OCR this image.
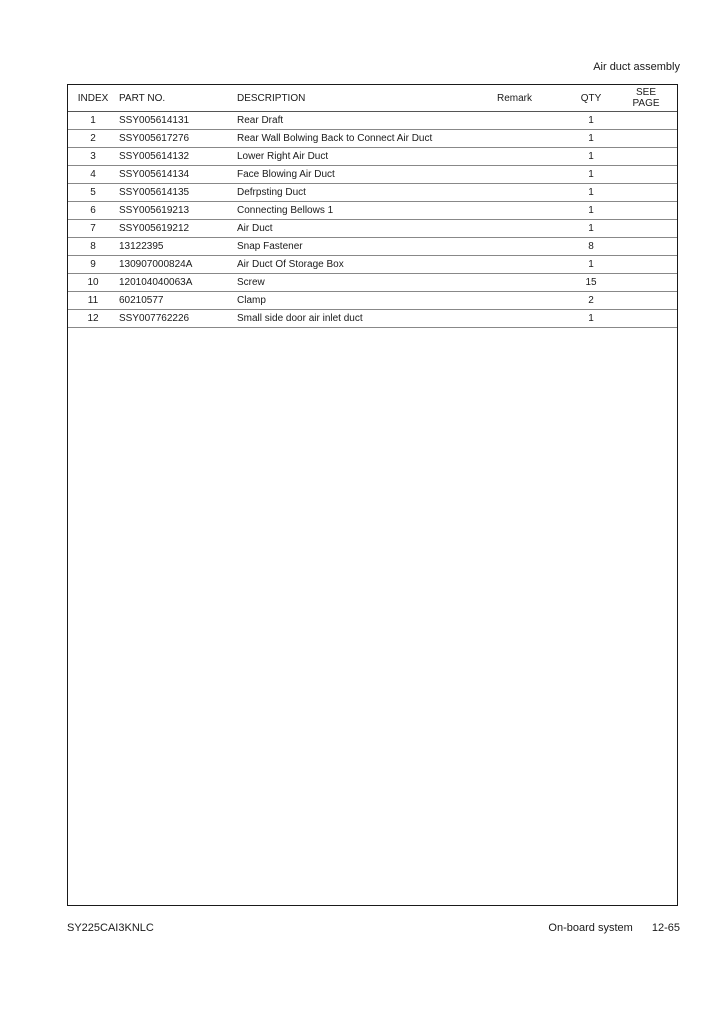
Air duct assembly
INDEX	PART NO.	DESCRIPTION	Remark	QTY	SEE
PAGE
1	SSY005614131	Rear Draft		1	
2	SSY005617276	Rear Wall Bolwing Back to Connect Air Duct		1	
3	SSY005614132	Lower Right Air Duct		1	
4	SSY005614134	Face Blowing Air Duct		1	
5	SSY005614135	Defrpsting Duct		1	
6	SSY005619213	Connecting Bellows 1		1	
7	SSY005619212	Air Duct		1	
8	13122395	Snap Fastener		8	
9	130907000824A	Air Duct Of Storage Box		1	
10	120104040063A	Screw		15	
11	60210577	Clamp		2	
12	SSY007762226	Small side door air inlet duct		1	
SY225CAI3KNLC	On-board system 12-65
